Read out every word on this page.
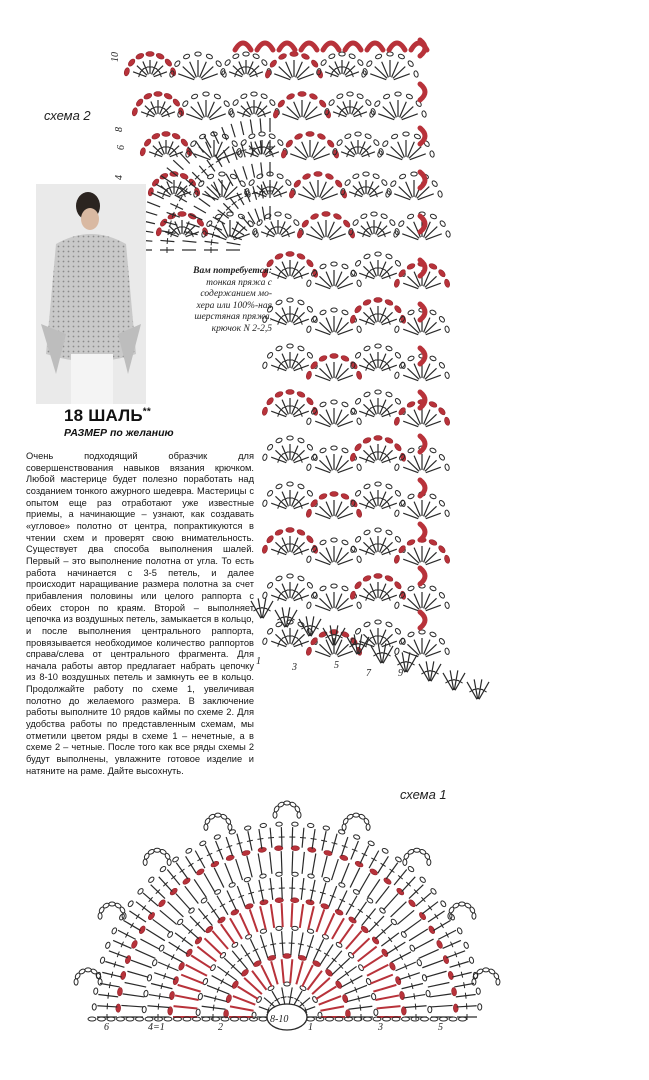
10
8
6
4
1
3	5
7	9
6	4=1	2
8-10
1	3	5
схема 2
Вам потребуется:
тонкая пряжа с
содержанием мо-
хера или 100%-ная
шерстяная пряжа,
крючок N 2-2,5
18 ШАЛЬ**
РАЗМЕР по желанию

Очень подходящий образчик для совершенствования навыков вязания крючком. Любой мастерице будет полезно поработать над созданием тонкого ажурного шедевра. Мастерицы с опытом еще раз отработают уже известные приемы, а начинающие – узнают, как создавать «угловое» полотно от центра, попрактикуются в чтении схем и проверят свою внимательность. Существует два способа выполнения шалей. Первый – это выполнение полотна от угла. То есть работа начинается с 3-5 петель, и далее происходит наращивание размера полотна за счет прибавления половины или целого раппорта с обеих сторон по краям. Второй – выполняет цепочка из воздушных петель, замыкается в кольцо, и после выполнения центрального раппорта, провязывается необходимое количество раппортов справа/слева от центрального фрагмента. Для начала работы автор предлагает набрать цепочку из 8-10 воздушных петель и замкнуть ее в кольцо. Продолжайте работу по схеме 1, увеличивая полотно до желаемого размера. В заключение работы выполните 10 рядов каймы по схеме 2. Для удобства работы по представленным схемам, мы отметили цветом ряды в схеме 1 – нечетные, а в схеме 2 – четные. После того как все ряды схемы 2 будут выполнены, увлажните готовое изделие и натяните на раме. Дайте высохнуть.

схема 1
